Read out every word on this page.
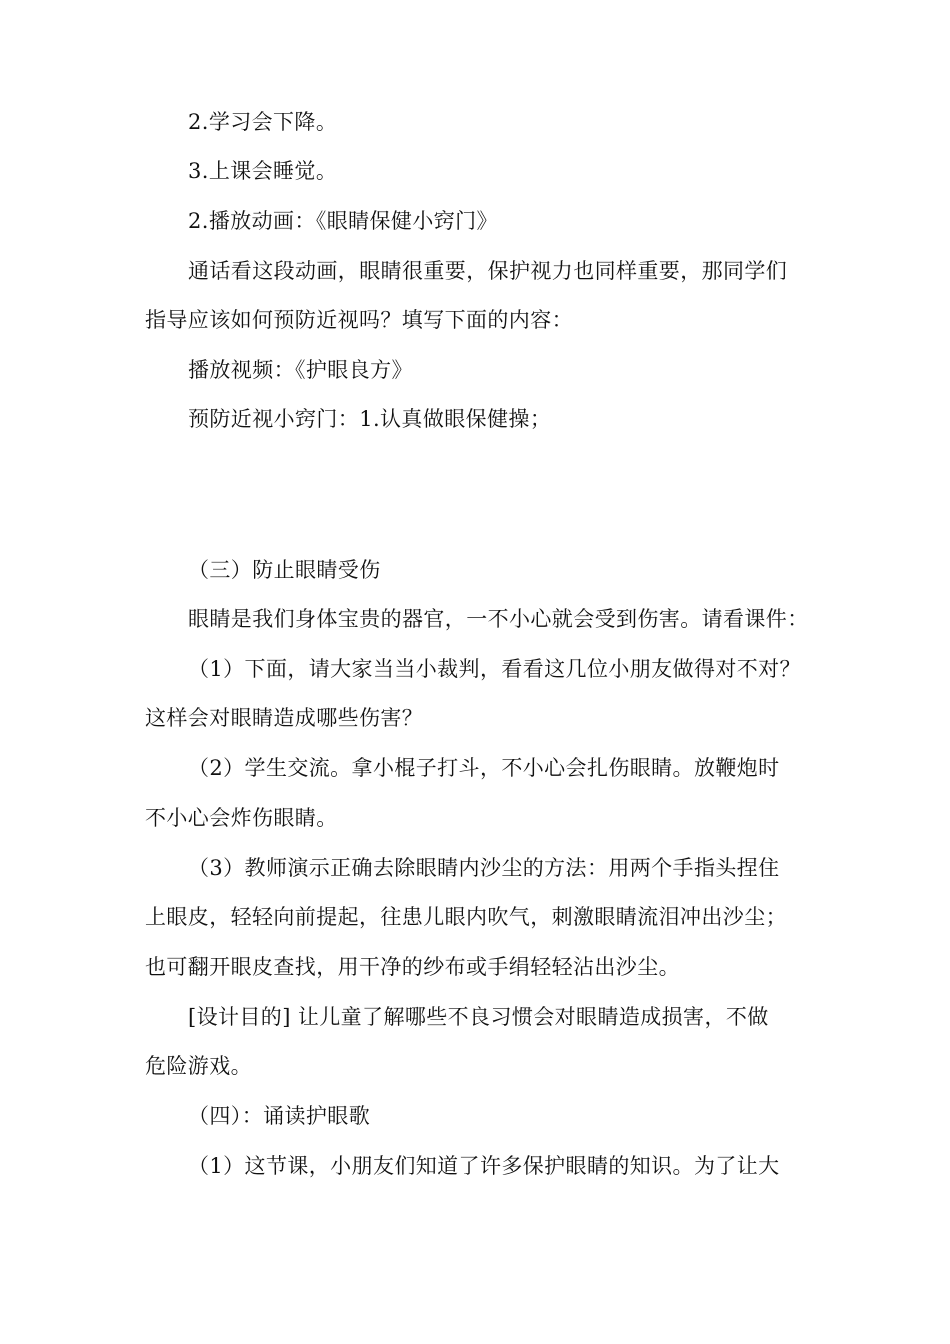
2.学习会下降。
3.上课会睡觉。
2.播放动画：《眼睛保健小窍门》
通话看这段动画，眼睛很重要，保护视力也同样重要，那同学们
指导应该如何预防近视吗？填写下面的内容：
播放视频：《护眼良方》
预防近视小窍门：1.认真做眼保健操；
（三）防止眼睛受伤
眼睛是我们身体宝贵的器官，一不小心就会受到伤害。请看课件：
（1）下面，请大家当当小裁判，看看这几位小朋友做得对不对？
这样会对眼睛造成哪些伤害？
（2）学生交流。拿小棍子打斗，不小心会扎伤眼睛。放鞭炮时
不小心会炸伤眼睛。
（3）教师演示正确去除眼睛内沙尘的方法：用两个手指头捏住
上眼皮，轻轻向前提起，往患儿眼内吹气，刺激眼睛流泪冲出沙尘；
也可翻开眼皮查找，用干净的纱布或手绢轻轻沾出沙尘。
[设计目的] 让儿童了解哪些不良习惯会对眼睛造成损害，不做
危险游戏。
（四）：诵读护眼歌
（1）这节课，小朋友们知道了许多保护眼睛的知识。为了让大
